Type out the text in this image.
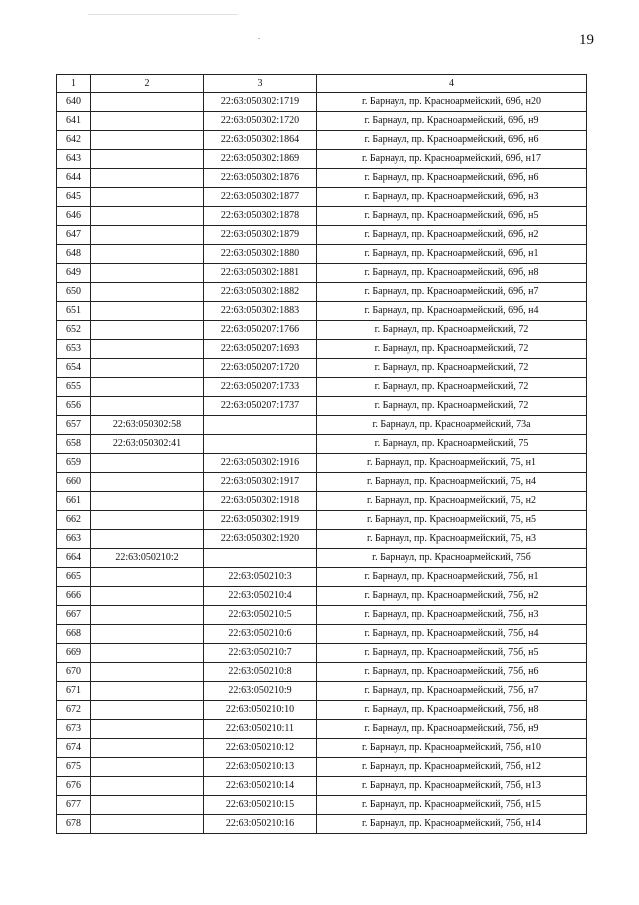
19
1	2	3	4
640		22:63:050302:1719	г. Барнаул, пр. Красноармейский, 69б, н20
641		22:63:050302:1720	г. Барнаул, пр. Красноармейский, 69б, н9
642		22:63:050302:1864	г. Барнаул, пр. Красноармейский, 69б, н6
643		22:63:050302:1869	г. Барнаул, пр. Красноармейский, 69б, н17
644		22:63:050302:1876	г. Барнаул, пр. Красноармейский, 69б, н6
645		22:63:050302:1877	г. Барнаул, пр. Красноармейский, 69б, н3
646		22:63:050302:1878	г. Барнаул, пр. Красноармейский, 69б, н5
647		22:63:050302:1879	г. Барнаул, пр. Красноармейский, 69б, н2
648		22:63:050302:1880	г. Барнаул, пр. Красноармейский, 69б, н1
649		22:63:050302:1881	г. Барнаул, пр. Красноармейский, 69б, н8
650		22:63:050302:1882	г. Барнаул, пр. Красноармейский, 69б, н7
651		22:63:050302:1883	г. Барнаул, пр. Красноармейский, 69б, н4
652		22:63:050207:1766	г. Барнаул, пр. Красноармейский, 72
653		22:63:050207:1693	г. Барнаул, пр. Красноармейский, 72
654		22:63:050207:1720	г. Барнаул, пр. Красноармейский, 72
655		22:63:050207:1733	г. Барнаул, пр. Красноармейский, 72
656		22:63:050207:1737	г. Барнаул, пр. Красноармейский, 72
657	22:63:050302:58		г. Барнаул, пр. Красноармейский, 73а
658	22:63:050302:41		г. Барнаул, пр. Красноармейский, 75
659		22:63:050302:1916	г. Барнаул, пр. Красноармейский, 75, н1
660		22:63:050302:1917	г. Барнаул, пр. Красноармейский, 75, н4
661		22:63:050302:1918	г. Барнаул, пр. Красноармейский, 75, н2
662		22:63:050302:1919	г. Барнаул, пр. Красноармейский, 75, н5
663		22:63:050302:1920	г. Барнаул, пр. Красноармейский, 75, н3
664	22:63:050210:2		г. Барнаул, пр. Красноармейский, 75б
665		22:63:050210:3	г. Барнаул, пр. Красноармейский, 75б, н1
666		22:63:050210:4	г. Барнаул, пр. Красноармейский, 75б, н2
667		22:63:050210:5	г. Барнаул, пр. Красноармейский, 75б, н3
668		22:63:050210:6	г. Барнаул, пр. Красноармейский, 75б, н4
669		22:63:050210:7	г. Барнаул, пр. Красноармейский, 75б, н5
670		22:63:050210:8	г. Барнаул, пр. Красноармейский, 75б, н6
671		22:63:050210:9	г. Барнаул, пр. Красноармейский, 75б, н7
672		22:63:050210:10	г. Барнаул, пр. Красноармейский, 75б, н8
673		22:63:050210:11	г. Барнаул, пр. Красноармейский, 75б, н9
674		22:63:050210:12	г. Барнаул, пр. Красноармейский, 75б, н10
675		22:63:050210:13	г. Барнаул, пр. Красноармейский, 75б, н12
676		22:63:050210:14	г. Барнаул, пр. Красноармейский, 75б, н13
677		22:63:050210:15	г. Барнаул, пр. Красноармейский, 75б, н15
678		22:63:050210:16	г. Барнаул, пр. Красноармейский, 75б, н14
